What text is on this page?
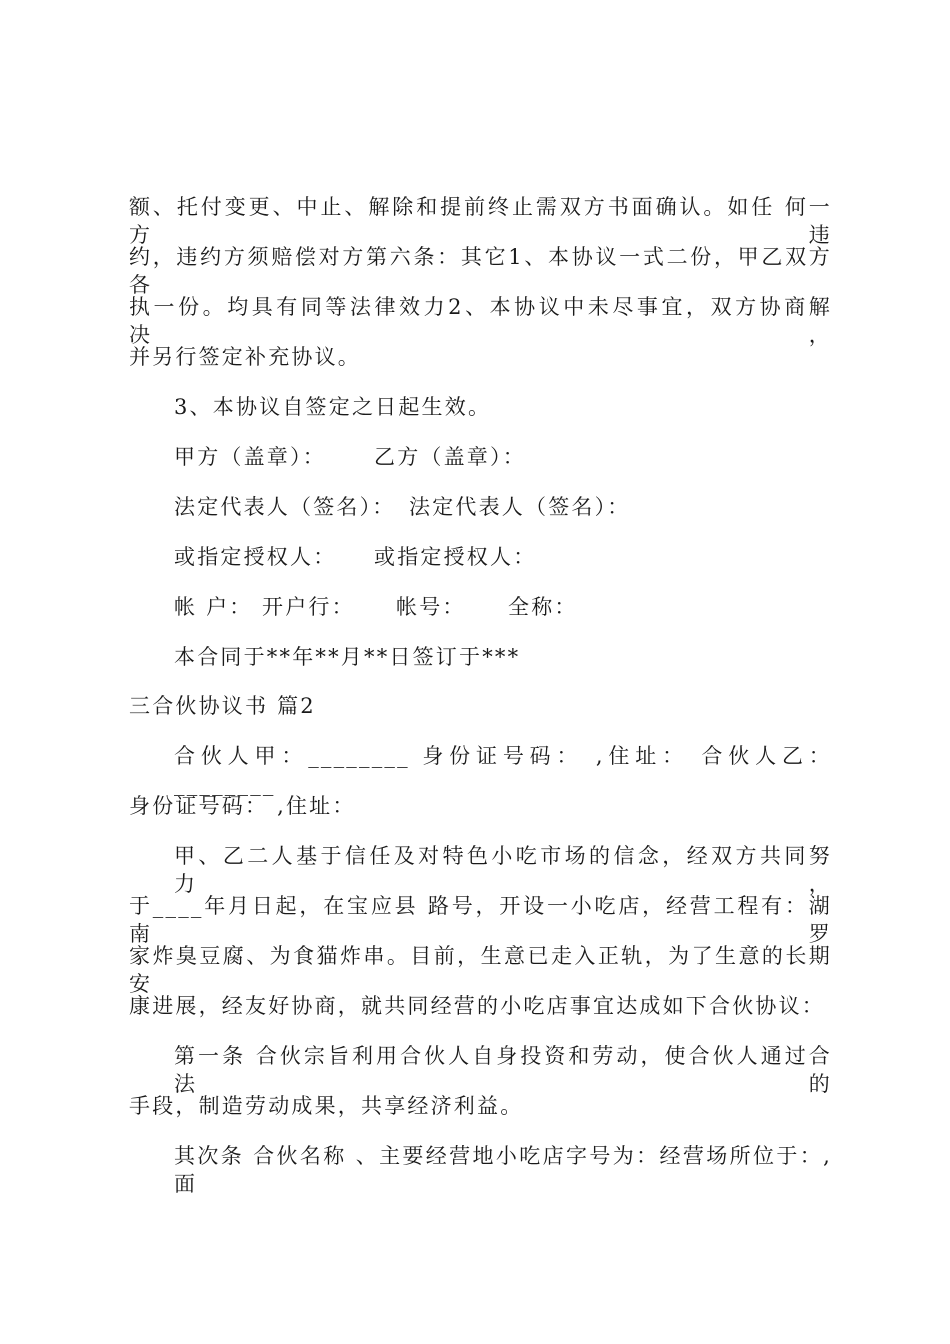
额、托付变更、中止、解除和提前终止需双方书面确认。如任 何一方违
约，违约方须赔偿对方第六条：其它1、本协议一式二份，甲乙双方各
执一份。均具有同等法律效力2、本协议中未尽事宜，双方协商解决，
并另行签定补充协议。
3、本协议自签定之日起生效。
甲方（盖章）： 乙方（盖章）：
法定代表人（签名）： 法定代表人（签名）：
或指定授权人： 或指定授权人：
帐 户： 开户行： 帐号： 全称：
本合同于**年**月**日签订于***
三合伙协议书 篇2
合伙人甲：________ 身份证号码： ,住址： 合伙人乙：________
身份证号码： ,住址：
甲、乙二人基于信任及对特色小吃市场的信念，经双方共同努力，
于____年月日起，在宝应县 路号，开设一小吃店，经营工程有：湖南罗
家炸臭豆腐、为食猫炸串。目前，生意已走入正轨，为了生意的长期安
康进展，经友好协商，就共同经营的小吃店事宜达成如下合伙协议：
第一条 合伙宗旨利用合伙人自身投资和劳动，使合伙人通过合法的
手段，制造劳动成果，共享经济利益。
其次条 合伙名称 、主要经营地小吃店字号为：经营场所位于：,面
